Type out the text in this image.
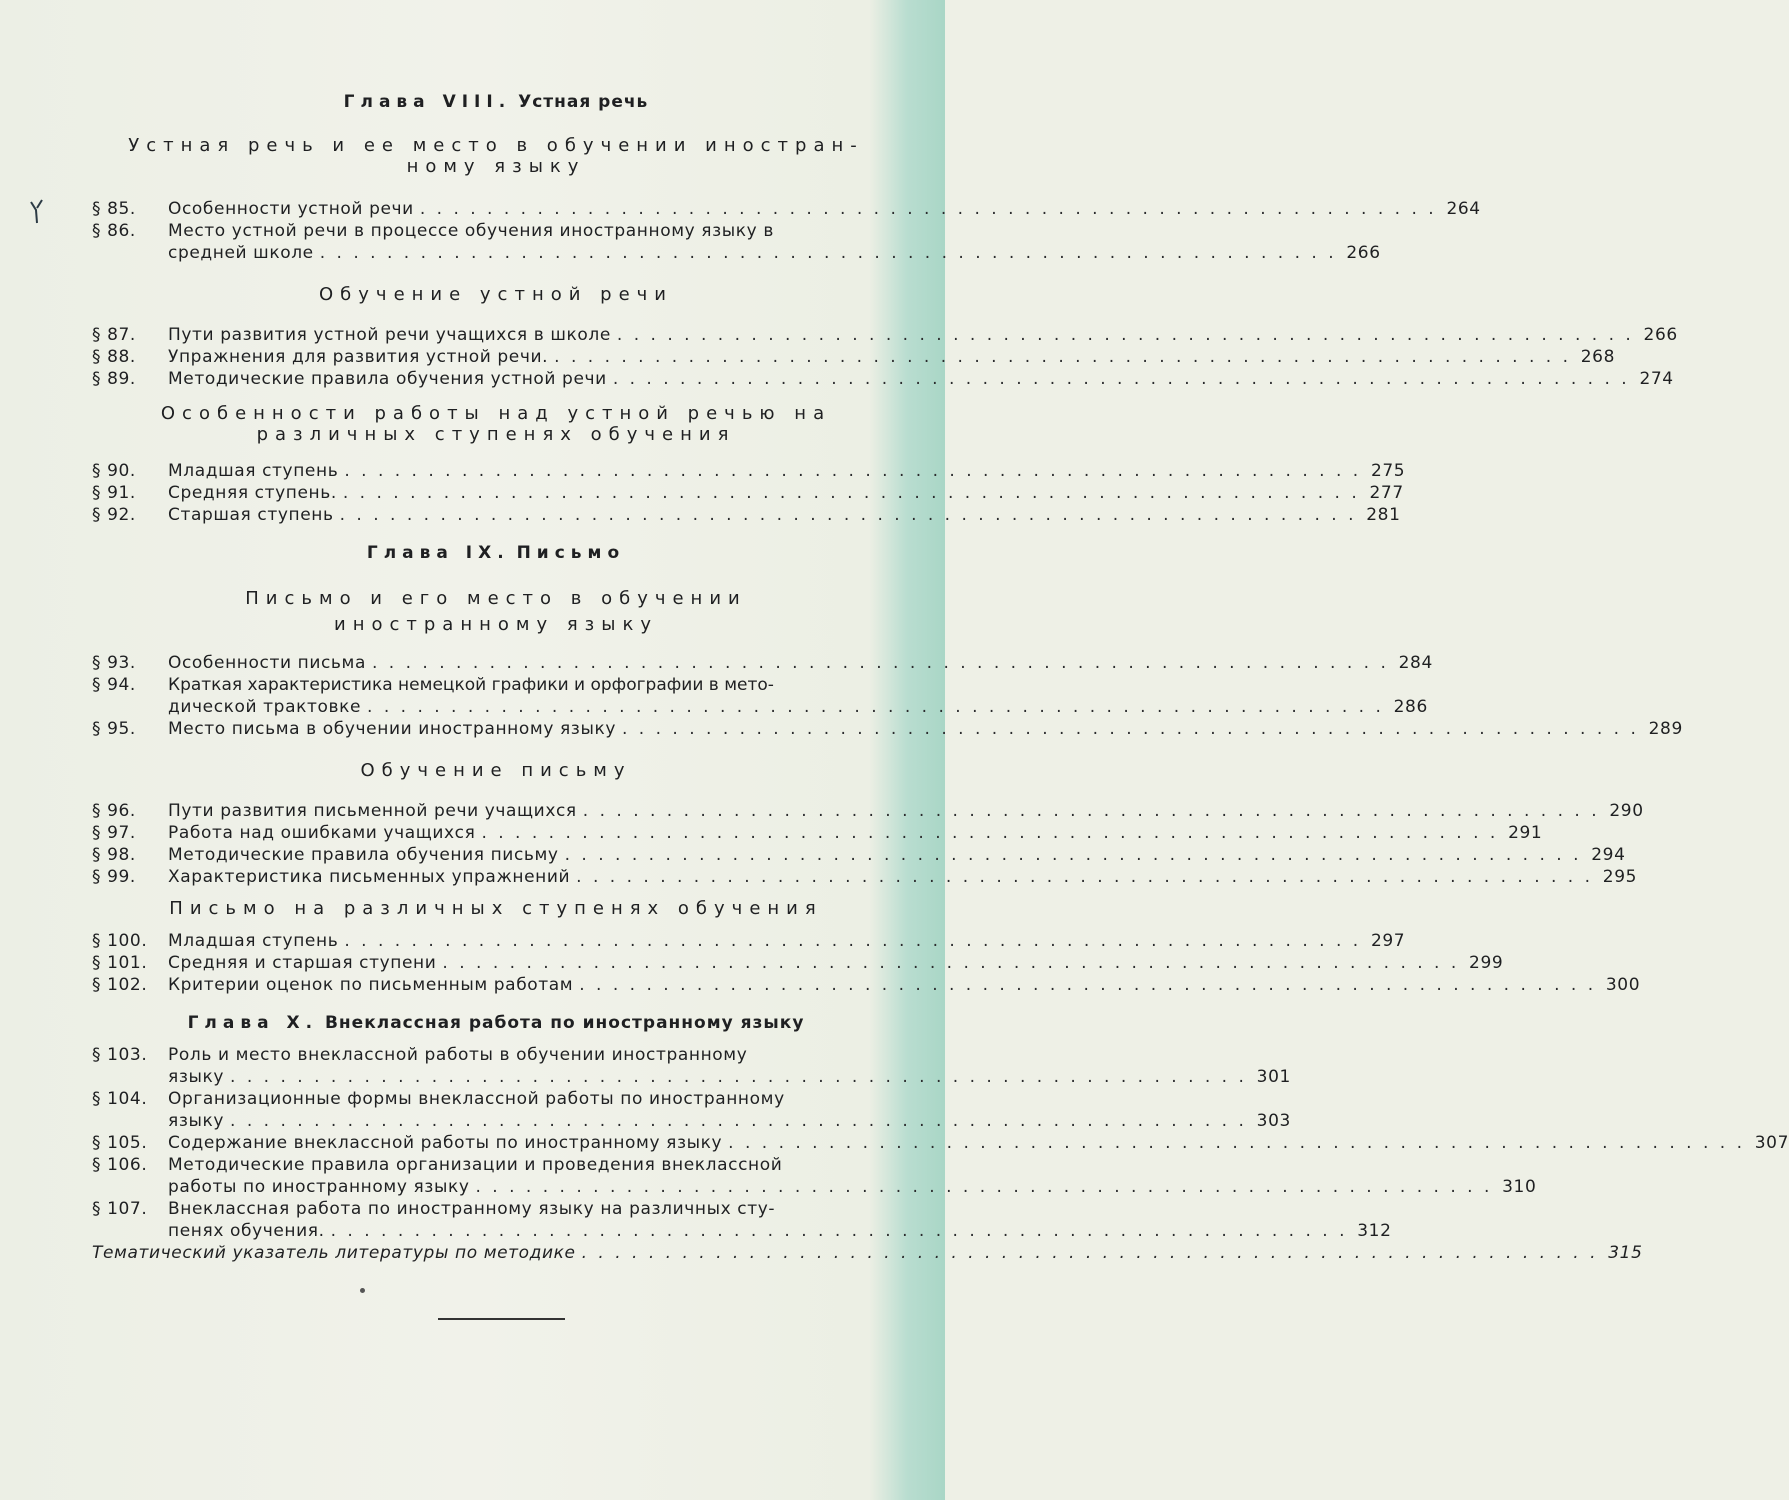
Глава VIII. Устная речь
Устная речь и ее место в обучении иностран-
ному языку
§ 85.	Особенности устной речи . . . . . . . . . . . . . . . . . . . . . . . . . . . . . . . . . . . . . . . . . . . . . . . . . . . . . . . . . . . . . 264
§ 86.	Место устной речи в процессе обучения иностранному языку в
средней школе . . . . . . . . . . . . . . . . . . . . . . . . . . . . . . . . . . . . . . . . . . . . . . . . . . . . . . . . . . . . . 266
Обучение устной речи
§ 87.	Пути развития устной речи учащихся в школе . . . . . . . . . . . . . . . . . . . . . . . . . . . . . . . . . . . . . . . . . . . . . . . . . . . . . . . . . . . . . 266
§ 88.	Упражнения для развития устной речи. . . . . . . . . . . . . . . . . . . . . . . . . . . . . . . . . . . . . . . . . . . . . . . . . . . . . . . . . . . . . . 268
§ 89.	Методические правила обучения устной речи . . . . . . . . . . . . . . . . . . . . . . . . . . . . . . . . . . . . . . . . . . . . . . . . . . . . . . . . . . . . . 274
Особенности работы над устной речью на
различных ступенях обучения
§ 90.	Младшая ступень . . . . . . . . . . . . . . . . . . . . . . . . . . . . . . . . . . . . . . . . . . . . . . . . . . . . . . . . . . . . . 275
§ 91.	Средняя ступень. . . . . . . . . . . . . . . . . . . . . . . . . . . . . . . . . . . . . . . . . . . . . . . . . . . . . . . . . . . . . . 277
§ 92.	Старшая ступень . . . . . . . . . . . . . . . . . . . . . . . . . . . . . . . . . . . . . . . . . . . . . . . . . . . . . . . . . . . . . 281
Глава IX. Письмо
Письмо и его место в обучении
иностранному языку
§ 93.	Особенности письма . . . . . . . . . . . . . . . . . . . . . . . . . . . . . . . . . . . . . . . . . . . . . . . . . . . . . . . . . . . . . 284
§ 94.	Краткая характеристика немецкой графики и орфографии в мето-
дической трактовке . . . . . . . . . . . . . . . . . . . . . . . . . . . . . . . . . . . . . . . . . . . . . . . . . . . . . . . . . . . . . 286
§ 95.	Место письма в обучении иностранному языку . . . . . . . . . . . . . . . . . . . . . . . . . . . . . . . . . . . . . . . . . . . . . . . . . . . . . . . . . . . . . 289
Обучение письму
§ 96.	Пути развития письменной речи учащихся . . . . . . . . . . . . . . . . . . . . . . . . . . . . . . . . . . . . . . . . . . . . . . . . . . . . . . . . . . . . . 290
§ 97.	Работа над ошибками учащихся . . . . . . . . . . . . . . . . . . . . . . . . . . . . . . . . . . . . . . . . . . . . . . . . . . . . . . . . . . . . . 291
§ 98.	Методические правила обучения письму . . . . . . . . . . . . . . . . . . . . . . . . . . . . . . . . . . . . . . . . . . . . . . . . . . . . . . . . . . . . . 294
§ 99.	Характеристика письменных упражнений . . . . . . . . . . . . . . . . . . . . . . . . . . . . . . . . . . . . . . . . . . . . . . . . . . . . . . . . . . . . . 295
Письмо на различных ступенях обучения
§ 100.	Младшая ступень . . . . . . . . . . . . . . . . . . . . . . . . . . . . . . . . . . . . . . . . . . . . . . . . . . . . . . . . . . . . . 297
§ 101.	Средняя и старшая ступени . . . . . . . . . . . . . . . . . . . . . . . . . . . . . . . . . . . . . . . . . . . . . . . . . . . . . . . . . . . . . 299
§ 102.	Критерии оценок по письменным работам . . . . . . . . . . . . . . . . . . . . . . . . . . . . . . . . . . . . . . . . . . . . . . . . . . . . . . . . . . . . . 300
Глава X. Внеклассная работа по иностранному языку
§ 103.	Роль и место внеклассной работы в обучении иностранному
языку . . . . . . . . . . . . . . . . . . . . . . . . . . . . . . . . . . . . . . . . . . . . . . . . . . . . . . . . . . . . . 301
§ 104.	Организационные формы внеклассной работы по иностранному
языку . . . . . . . . . . . . . . . . . . . . . . . . . . . . . . . . . . . . . . . . . . . . . . . . . . . . . . . . . . . . . 303
§ 105.	Содержание внеклассной работы по иностранному языку . . . . . . . . . . . . . . . . . . . . . . . . . . . . . . . . . . . . . . . . . . . . . . . . . . . . . . . . . . . . . 307
§ 106.	Методические правила организации и проведения внеклассной
работы по иностранному языку . . . . . . . . . . . . . . . . . . . . . . . . . . . . . . . . . . . . . . . . . . . . . . . . . . . . . . . . . . . . . 310
§ 107.	Внеклассная работа по иностранному языку на различных сту-
пенях обучения. . . . . . . . . . . . . . . . . . . . . . . . . . . . . . . . . . . . . . . . . . . . . . . . . . . . . . . . . . . . . . 312
Тематический указатель литературы по методике . . . . . . . . . . . . . . . . . . . . . . . . . . . . . . . . . . . . . . . . . . . . . . . . . . . . . . . . . . . . . 315
